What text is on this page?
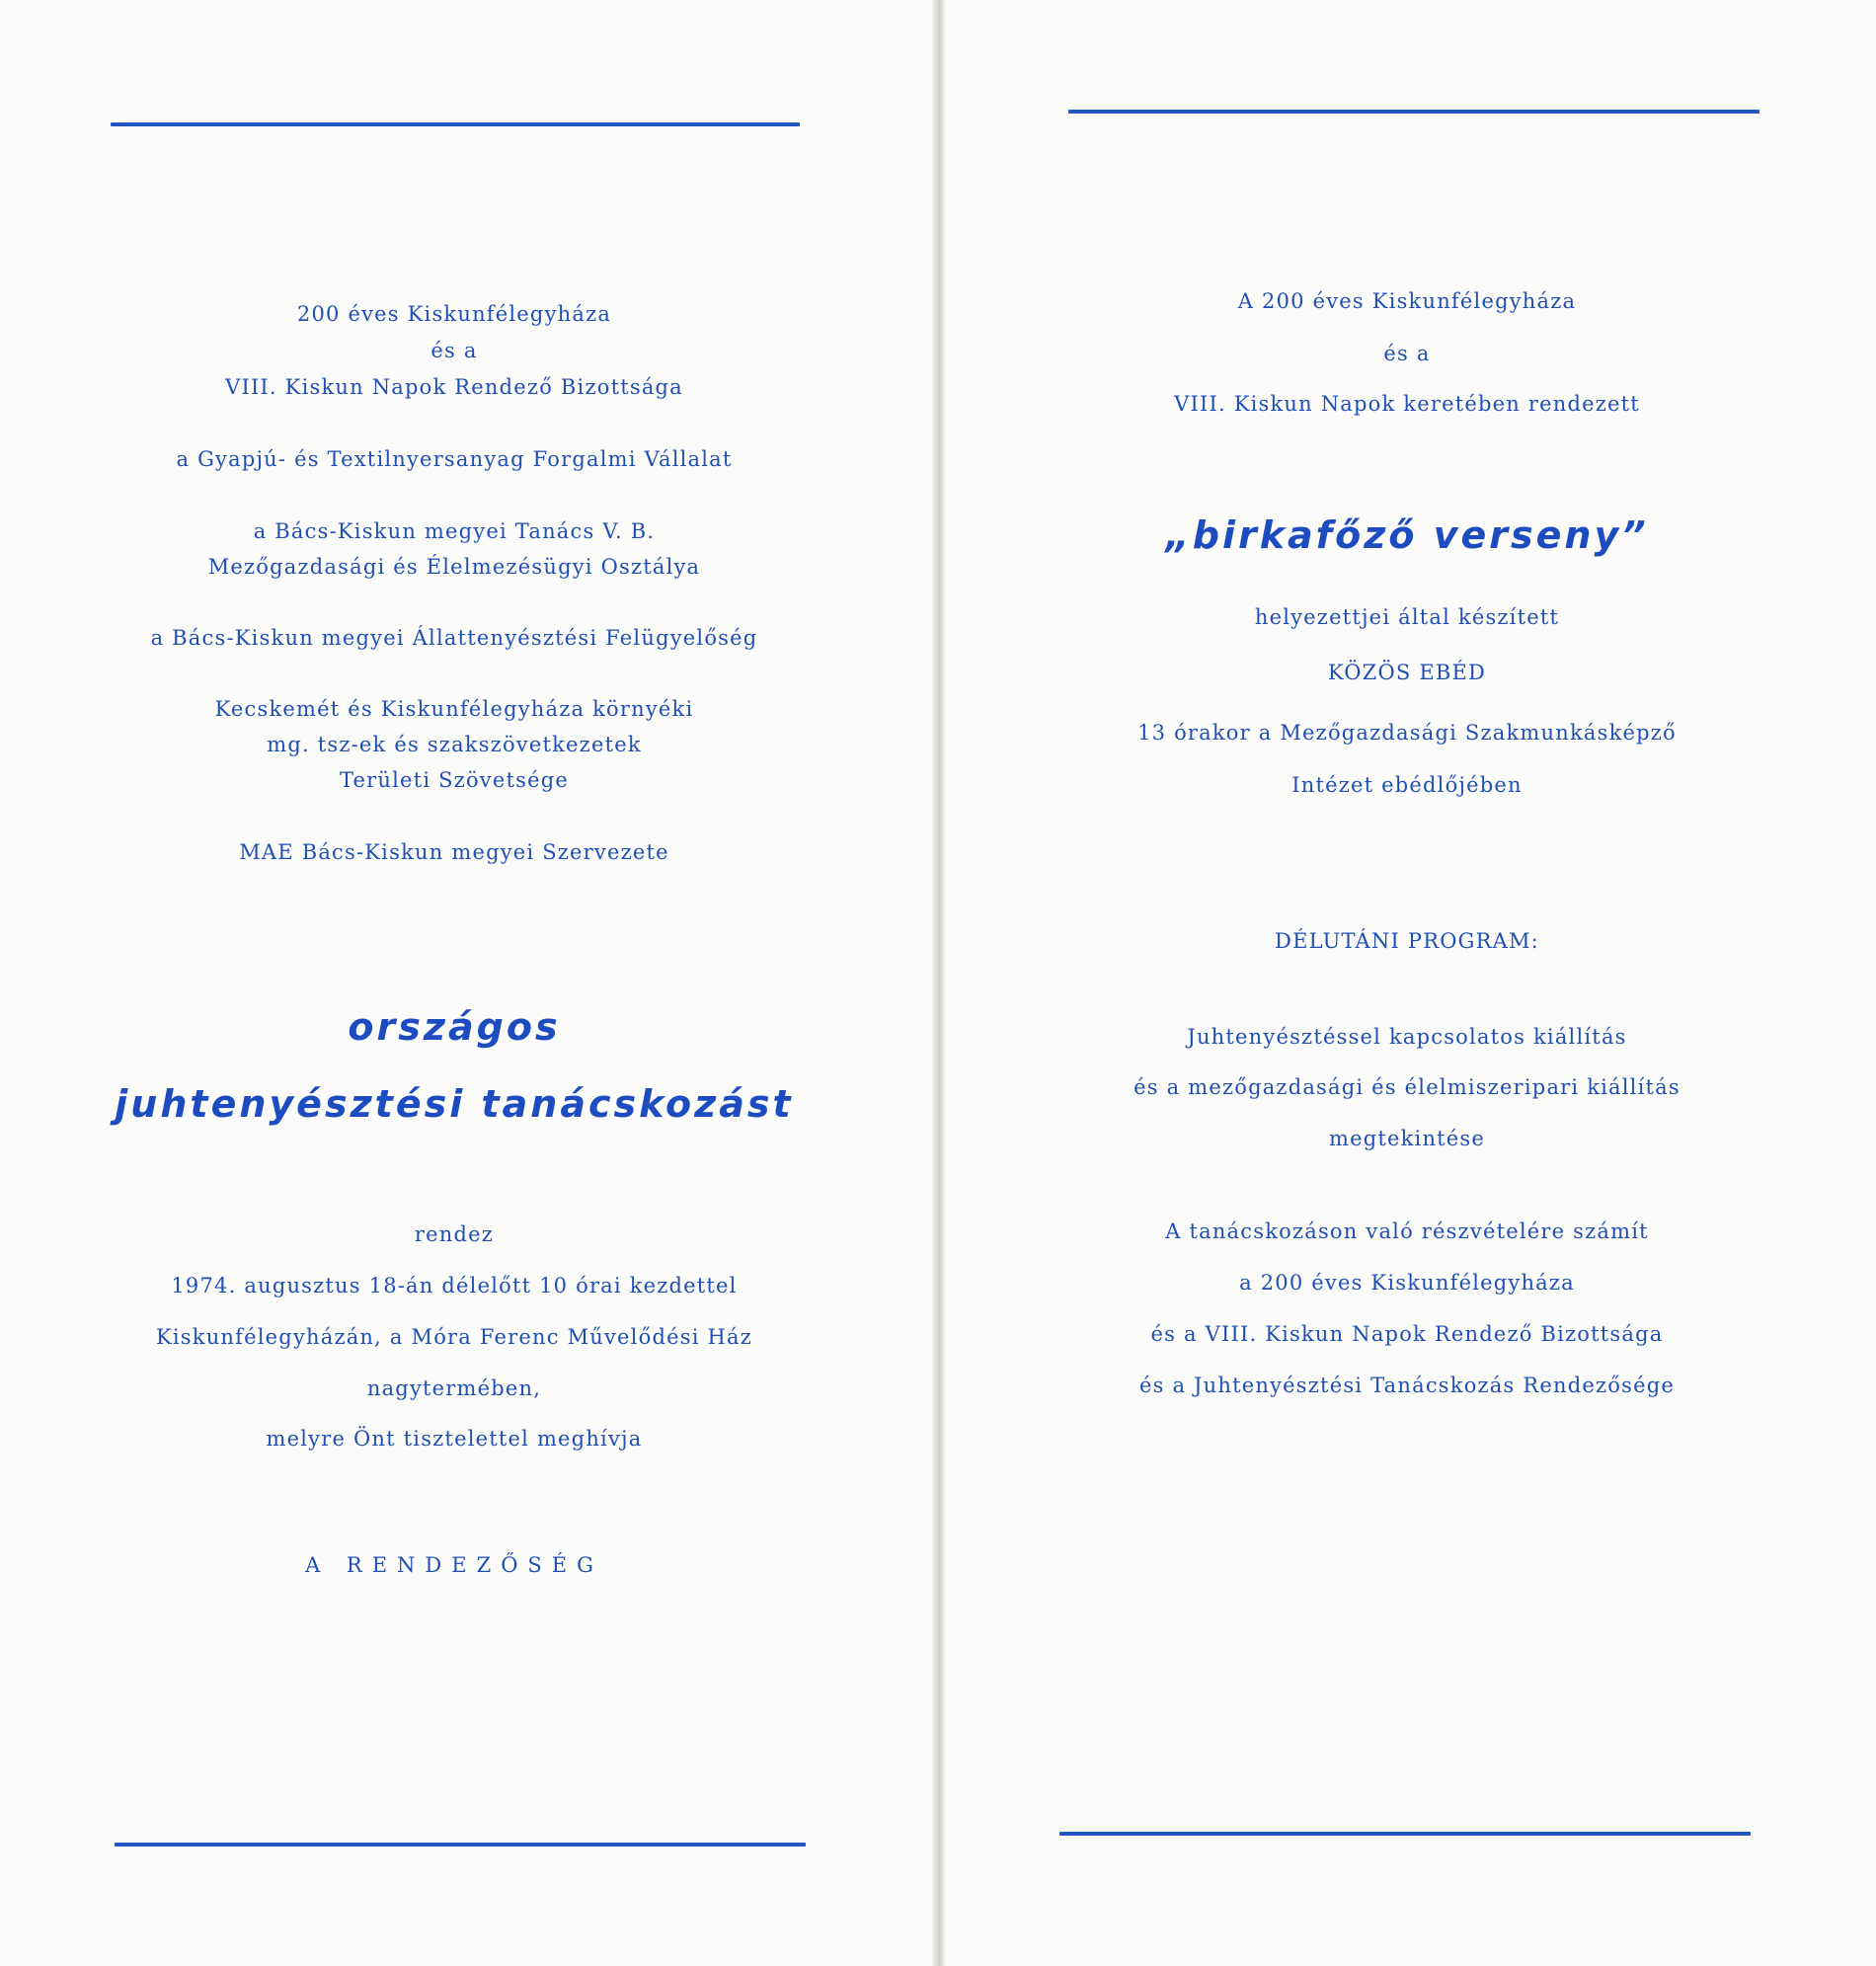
200 éves Kiskunfélegyháza
és a
VIII. Kiskun Napok Rendező Bizottsága
a Gyapjú- és Textilnyersanyag Forgalmi Vállalat
a Bács-Kiskun megyei Tanács V. B.
Mezőgazdasági és Élelmezésügyi Osztálya
a Bács-Kiskun megyei Állattenyésztési Felügyelőség
Kecskemét és Kiskunfélegyháza környéki
mg. tsz-ek és szakszövetkezetek
Területi Szövetsége
MAE Bács-Kiskun megyei Szervezete
országos
juhtenyésztési tanácskozást
rendez
1974. augusztus 18-án délelőtt 10 órai kezdettel
Kiskunfélegyházán, a Móra Ferenc Művelődési Ház
nagytermében,
melyre Önt tisztelettel meghívja
A RENDEZŐSÉG
A 200 éves Kiskunfélegyháza
és a
VIII. Kiskun Napok keretében rendezett
„birkafőző verseny”
helyezettjei által készített
KÖZÖS EBÉD
13 órakor a Mezőgazdasági Szakmunkásképző
Intézet ebédlőjében
DÉLUTÁNI PROGRAM:
Juhtenyésztéssel kapcsolatos kiállítás
és a mezőgazdasági és élelmiszeripari kiállítás
megtekintése
A tanácskozáson való részvételére számít
a 200 éves Kiskunfélegyháza
és a VIII. Kiskun Napok Rendező Bizottsága
és a Juhtenyésztési Tanácskozás Rendezősége
